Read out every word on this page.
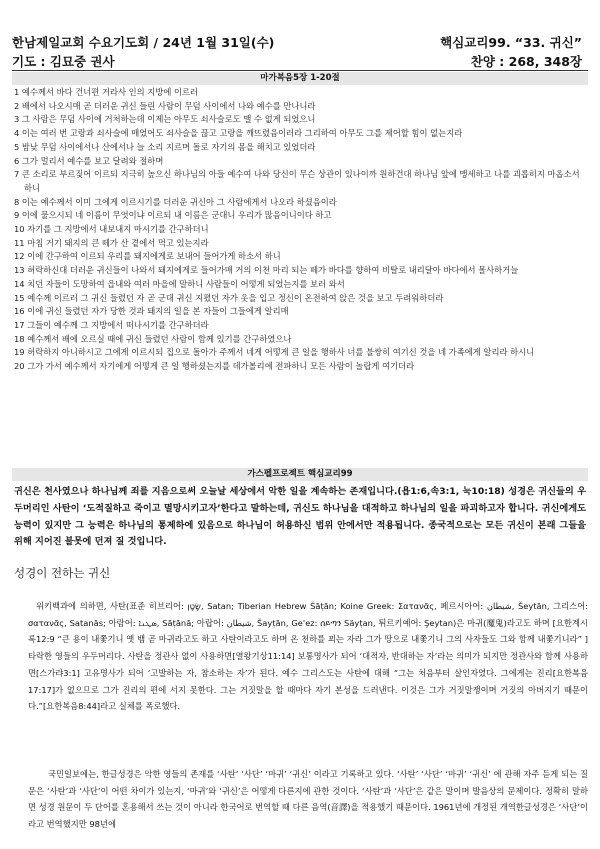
한남제일교회 수요기도회 / 24년 1월 31일(수)	핵심교리99. “33. 귀신”
기도 : 김묘중 권사	찬양 : 268, 348장
마가복음5장 1-20절
1 예수께서 바다 건너편 거라사 인의 지방에 이르러
2 배에서 나오시매 곧 더러운 귀신 들린 사람이 무덤 사이에서 나와 예수를 만나니라
3 그 사람은 무덤 사이에 거처하는데 이제는 아무도 쇠사슬로도 맬 수 없게 되었으니
4 이는 여러 번 고랑과 쇠사슬에 매었어도 쇠사슬을 끊고 고랑을 깨뜨렸음이러라 그리하여 아무도 그를 제어할 힘이 없는지라
5 밤낮 무덤 사이에서나 산에서나 늘 소리 지르며 돌로 자기의 몸을 해치고 있었더라
6 그가 멀리서 예수를 보고 달려와 절하며
7 큰 소리로 부르짖어 이르되 지극히 높으신 하나님의 아들 예수여 나와 당신이 무슨 상관이 있나이까 원하건대 하나님 앞에 맹세하고 나를 괴롭히지 마옵소서 하니
8 이는 예수께서 이미 그에게 이르시기를 더러운 귀신아 그 사람에게서 나오라 하셨음이라
9 이에 물으시되 네 이름이 무엇이냐 이르되 내 이름은 군대니 우리가 많음이니이다 하고
10 자기를 그 지방에서 내보내지 마시기를 간구하더니
11 마침 거기 돼지의 큰 떼가 산 곁에서 먹고 있는지라
12 이에 간구하여 이르되 우리를 돼지에게로 보내어 들어가게 하소서 하니
13 허락하신대 더러운 귀신들이 나와서 돼지에게로 들어가매 거의 이천 마리 되는 떼가 바다를 향하여 비탈로 내리달아 바다에서 몰사하거늘
14 치던 자들이 도망하여 읍내와 여러 마을에 말하니 사람들이 어떻게 되었는지를 보러 와서
15 예수께 이르러 그 귀신 들렸던 자 곧 군대 귀신 지폈던 자가 옷을 입고 정신이 온전하여 앉은 것을 보고 두려워하더라
16 이에 귀신 들렸던 자가 당한 것과 돼지의 일을 본 자들이 그들에게 알리매
17 그들이 예수께 그 지방에서 떠나시기를 간구하더라
18 예수께서 배에 오르실 때에 귀신 들렸던 사람이 함께 있기를 간구하였으나
19 허락하지 아니하시고 그에게 이르시되 집으로 돌아가 주께서 네게 어떻게 큰 일을 행하사 너를 불쌍히 여기신 것을 네 가족에게 알리라 하시니
20 그가 가서 예수께서 자기에게 어떻게 큰 일 행하셨는지를 데가볼리에 전파하니 모든 사람이 놀랍게 여기더라
가스펠프로젝트 핵심교리99
귀신은 천사였으나 하나님께 죄를 지음으로써 오늘날 세상에서 악한 일을 계속하는 존재입니다.(욥1:6,속3:1, 눅10:18) 성경은 귀신들의 우두머리인 사탄이 ‘도적질하고 죽이고 멸망시키고자’한다고 말하는데, 귀신도 하나님을 대적하고 하나님의 일을 파괴하고자 합니다. 귀신에게도 능력이 있지만 그 능력은 하나님의 통제하에 있음으로 하나님이 허용하신 범위 안에서만 적용됩니다. 종국적으로는 모든 귀신이 본래 그들을 위해 지어진 불못에 던져 질 것입니다.
성경이 전하는 귀신
위키백과에 의하면, 사탄(표준 히브리어: שָׂטָן, Satan; Tiberian Hebrew Śāṭān; Koine Greek: Σατανᾶς, 페르시아어: شیطان, Šeytān, 그리스어: σατανᾶς, Satanās; 아람어: ܣܛܢܐ, Sāṭānā; 아랍어: شيطان, Šayṭān, Ge'ez: ሰይጣን Säyṭan, 튀르키예어: Şeytan)은 마귀(魔鬼)라고도 하며 [요한계시록12:9 “큰 용이 내쫓기니 옛 뱀 곧 마귀라고도 하고 사탄이라고도 하며 온 천하를 꾀는 자라 그가 땅으로 내쫓기니 그의 사자들도 그와 함께 내쫓기니라” ] 타락한 영들의 우두머리다. 사탄을 정관사 없이 사용하면[열왕기상11:14] 보통명사가 되어 ‘대적자, 반대하는 자’라는 의미가 되지만 정관사와 함께 사용하면[스가랴3:1] 고유명사가 되어 ‘고발하는 자, 참소하는 자’가 된다. 예수 그리스도는 사탄에 대해 “그는 처음부터 살인자였다. 그에게는 진리[요한복음17:17]가 없으므로 그가 진리의 편에 서지 못한다. 그는 거짓말을 할 때마다 자기 본성을 드러낸다. 이것은 그가 거짓말쟁이며 거짓의 아버지기 때문이다.”[요한복음8:44]라고 실체를 폭로했다.
국민일보에는, 한글성경은 악한 영들의 존재를 ‘사탄’ ‘사단’ ‘마귀’ ‘귀신’ 이라고 기록하고 있다. ‘사탄’ ‘사단’ ‘마귀’ ‘귀신’ 에 관해 자주 듣게 되는 질문은 ‘사탄’과 ‘사단’이 어떤 차이가 있는지, ‘마귀’와 ‘귀신’은 어떻게 다른지에 관한 것이다. ‘사탄’과 ‘사단’은 같은 말이며 발음상의 문제이다. 정확히 말하면 성경 원문이 두 단어를 혼용해서 쓰는 것이 아니라 한국어로 번역할 때 다른 음역(音譯)을 적용했기 때문이다. 1961년에 개정된 개역한글성경은 ‘사단’이라고 번역했지만 98년에
